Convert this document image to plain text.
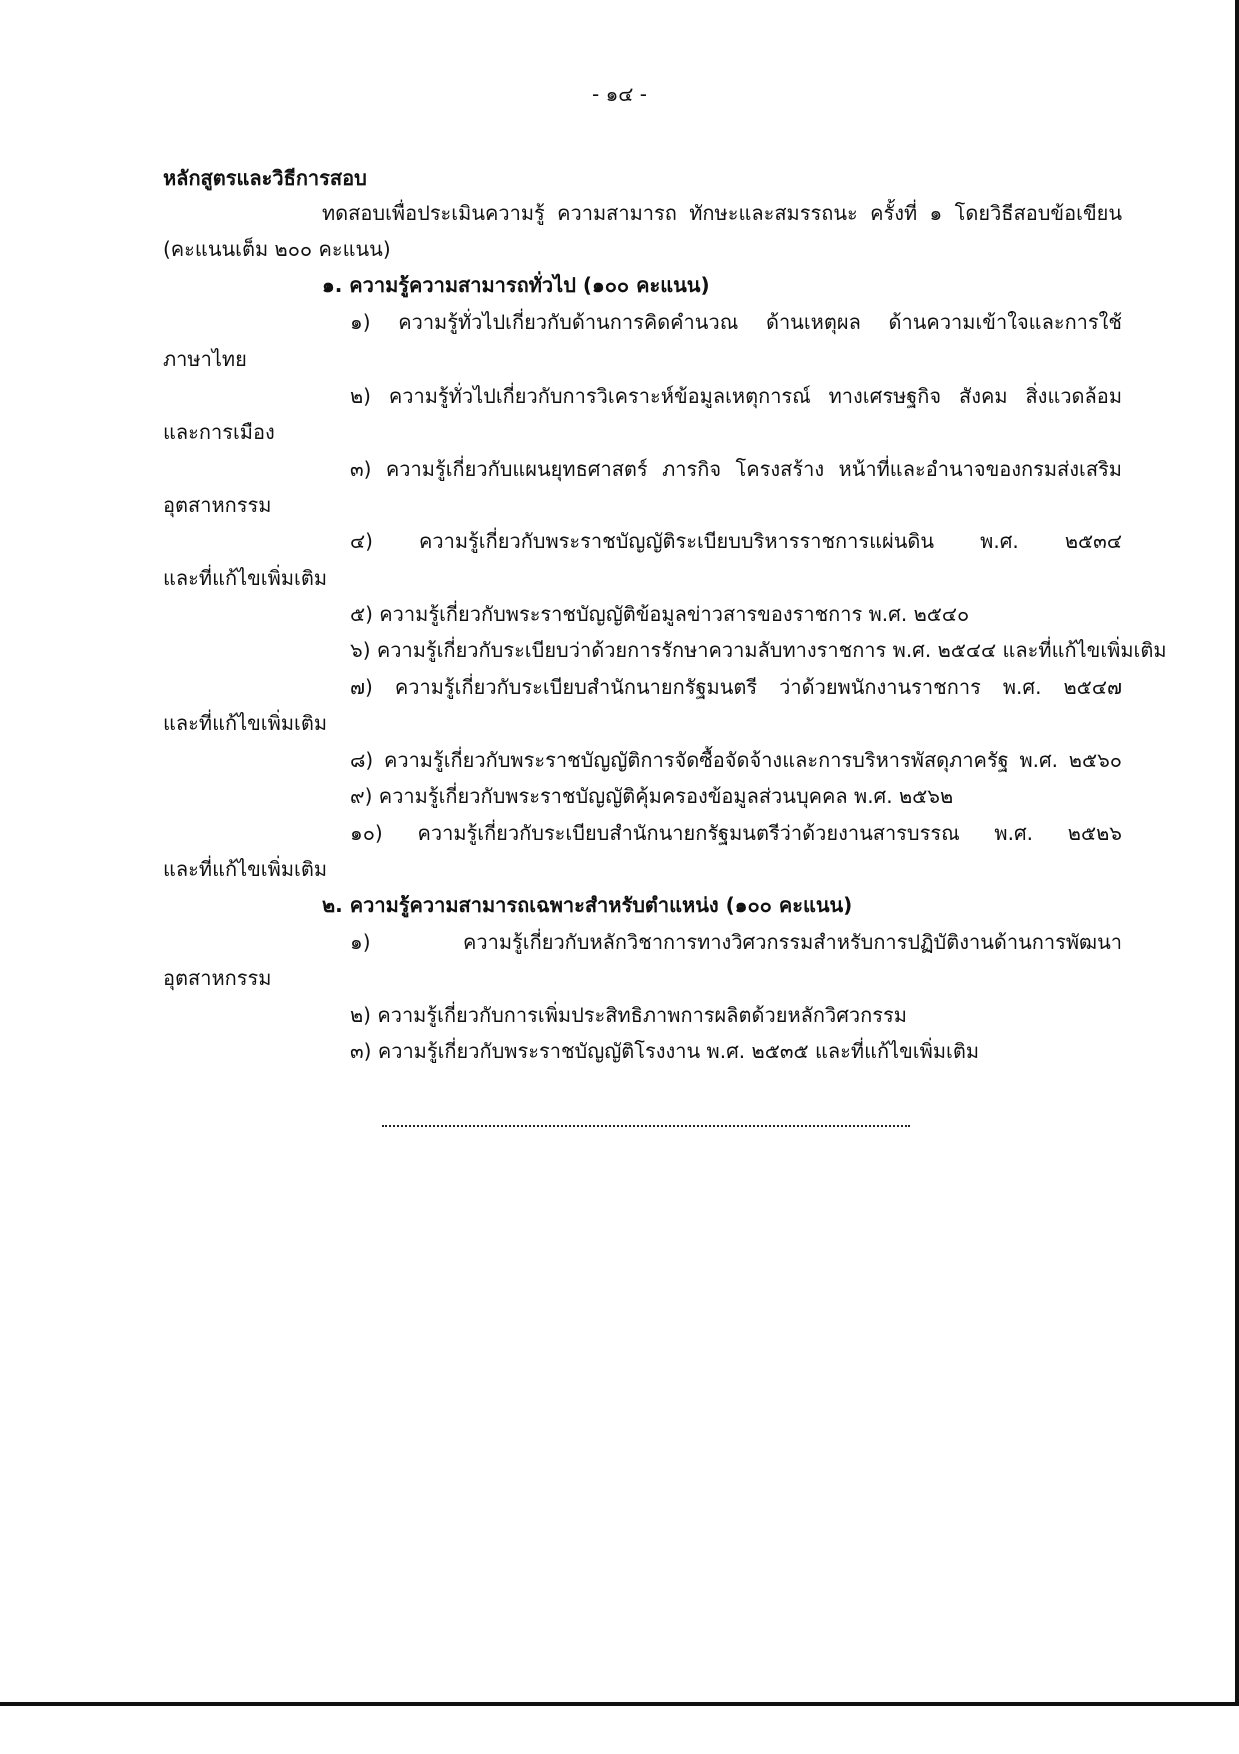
- ๑๔ -
หลักสูตรและวิธีการสอบ
ทดสอบเพื่อประเมินความรู้ ความสามารถ ทักษะและสมรรถนะ ครั้งที่ ๑ โดยวิธีสอบข้อเขียน
(คะแนนเต็ม ๒๐๐ คะแนน)
๑. ความรู้ความสามารถทั่วไป (๑๐๐ คะแนน)
๑) ความรู้ทั่วไปเกี่ยวกับด้านการคิดคำนวณ ด้านเหตุผล ด้านความเข้าใจและการใช้
ภาษาไทย
๒) ความรู้ทั่วไปเกี่ยวกับการวิเคราะห์ข้อมูลเหตุการณ์ ทางเศรษฐกิจ สังคม สิ่งแวดล้อม
และการเมือง
๓) ความรู้เกี่ยวกับแผนยุทธศาสตร์ ภารกิจ โครงสร้าง หน้าที่และอำนาจของกรมส่งเสริม
อุตสาหกรรม
๔) ความรู้เกี่ยวกับพระราชบัญญัติระเบียบบริหารราชการแผ่นดิน พ.ศ. ๒๕๓๔
และที่แก้ไขเพิ่มเติม
๕) ความรู้เกี่ยวกับพระราชบัญญัติข้อมูลข่าวสารของราชการ พ.ศ. ๒๕๔๐
๖) ความรู้เกี่ยวกับระเบียบว่าด้วยการรักษาความลับทางราชการ พ.ศ. ๒๕๔๔ และที่แก้ไขเพิ่มเติม
๗) ความรู้เกี่ยวกับระเบียบสำนักนายกรัฐมนตรี ว่าด้วยพนักงานราชการ พ.ศ. ๒๕๔๗
และที่แก้ไขเพิ่มเติม
๘) ความรู้เกี่ยวกับพระราชบัญญัติการจัดซื้อจัดจ้างและการบริหารพัสดุภาครัฐ พ.ศ. ๒๕๖๐
๙) ความรู้เกี่ยวกับพระราชบัญญัติคุ้มครองข้อมูลส่วนบุคคล พ.ศ. ๒๕๖๒
๑๐) ความรู้เกี่ยวกับระเบียบสำนักนายกรัฐมนตรีว่าด้วยงานสารบรรณ พ.ศ. ๒๕๒๖
และที่แก้ไขเพิ่มเติม
๒. ความรู้ความสามารถเฉพาะสำหรับตำแหน่ง (๑๐๐ คะแนน)
๑) ความรู้เกี่ยวกับหลักวิชาการทางวิศวกรรมสำหรับการปฏิบัติงานด้านการพัฒนา
อุตสาหกรรม
๒) ความรู้เกี่ยวกับการเพิ่มประสิทธิภาพการผลิตด้วยหลักวิศวกรรม
๓) ความรู้เกี่ยวกับพระราชบัญญัติโรงงาน พ.ศ. ๒๕๓๕ และที่แก้ไขเพิ่มเติม
